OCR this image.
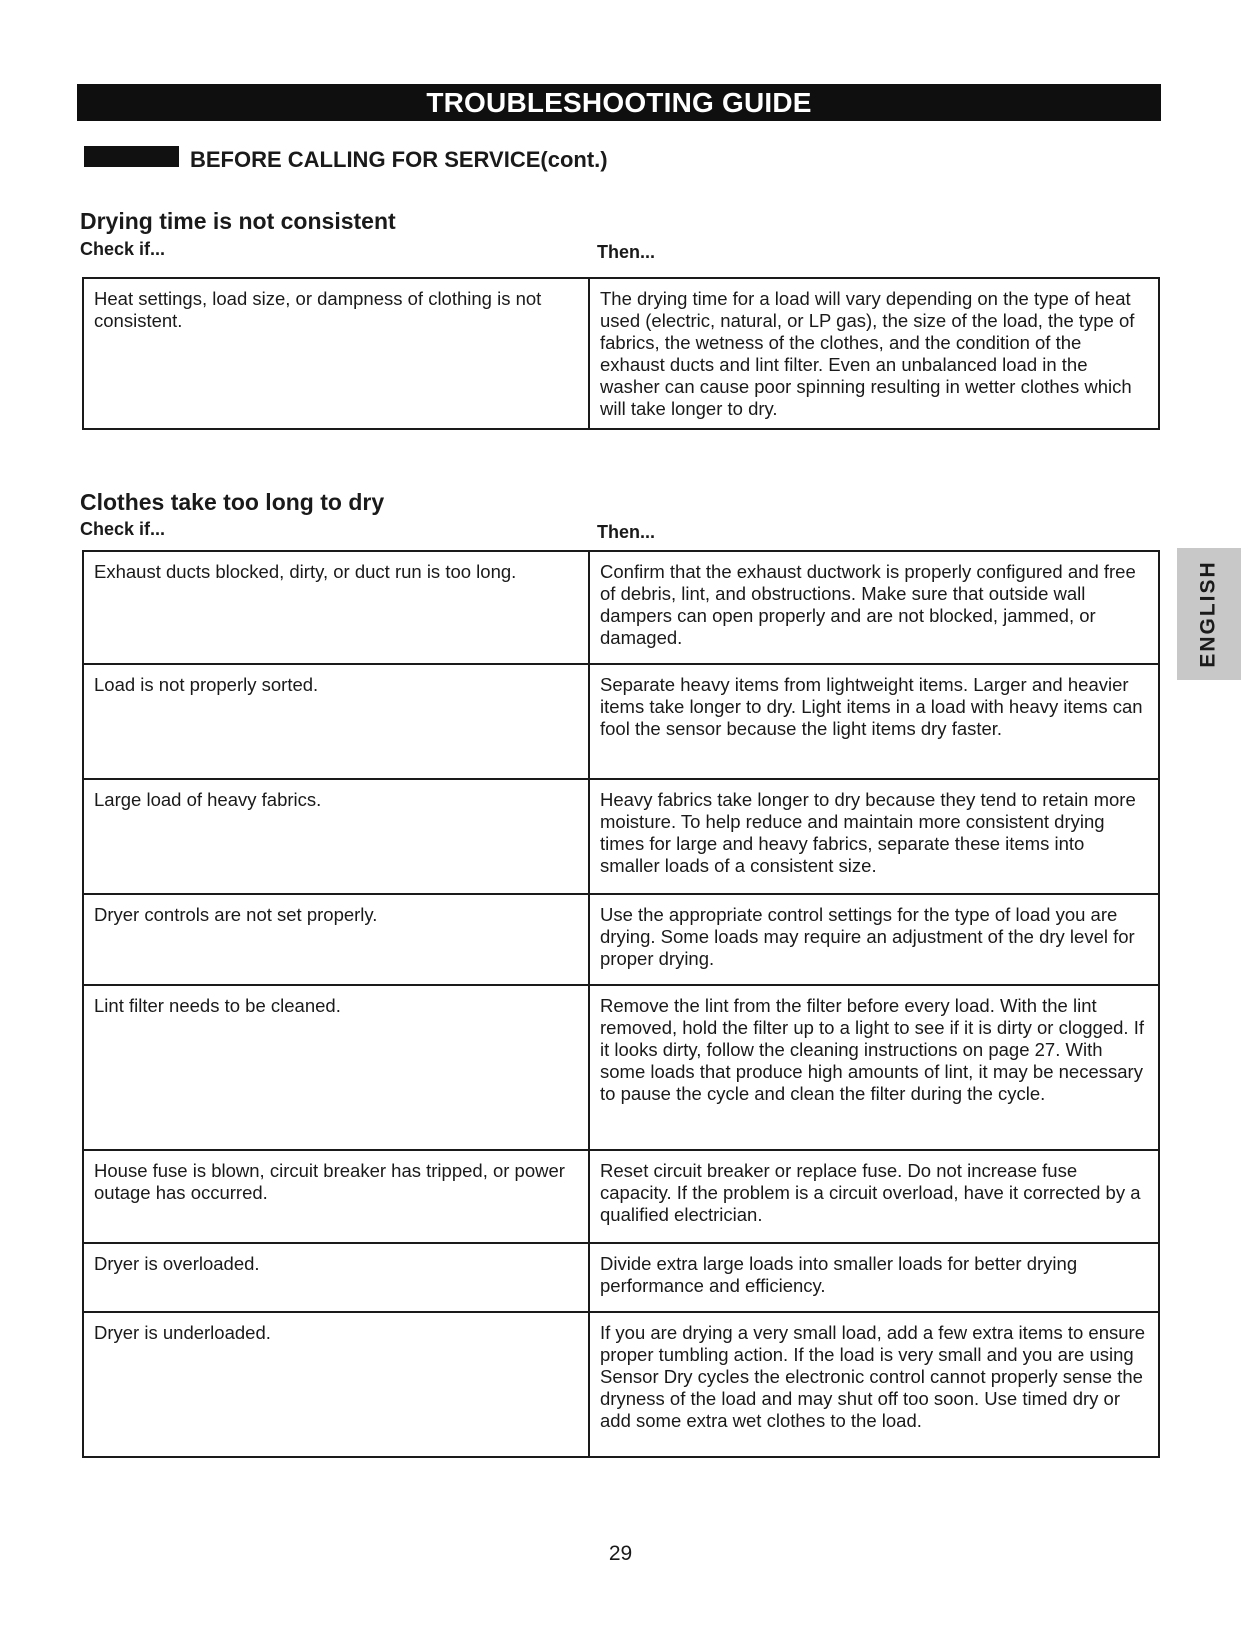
TROUBLESHOOTING GUIDE
BEFORE CALLING FOR SERVICE(cont.)
Drying time is not consistent
Check if...	Then...
Heat settings, load size, or dampness of clothing is not consistent.	The drying time for a load will vary depending on the type of heat used (electric, natural, or LP gas), the size of the load, the type of fabrics, the wetness of the clothes, and the condition of the exhaust ducts and lint filter. Even an unbalanced load in the washer can cause poor spinning resulting in wetter clothes which will take longer to dry.
Clothes take too long to dry
Check if...	Then...
Exhaust ducts blocked, dirty, or duct run is too long.	Confirm that the exhaust ductwork is properly configured and free of debris, lint, and obstructions. Make sure that outside wall dampers can open properly and are not blocked, jammed, or damaged.
Load is not properly sorted.	Separate heavy items from lightweight items. Larger and heavier items take longer to dry. Light items in a load with heavy items can fool the sensor because the light items dry faster.
Large load of heavy fabrics.	Heavy fabrics take longer to dry because they tend to retain more moisture. To help reduce and maintain more consistent drying times for large and heavy fabrics, separate these items into smaller loads of a consistent size.
Dryer controls are not set properly.	Use the appropriate control settings for the type of load you are drying. Some loads may require an adjustment of the dry level for proper drying.
Lint filter needs to be cleaned.	Remove the lint from the filter before every load. With the lint removed, hold the filter up to a light to see if it is dirty or clogged. If it looks dirty, follow the cleaning instructions on page 27. With some loads that produce high amounts of lint, it may be necessary to pause the cycle and clean the filter during the cycle.
House fuse is blown, circuit breaker has tripped, or power outage has occurred.	Reset circuit breaker or replace fuse. Do not increase fuse capacity. If the problem is a circuit overload, have it corrected by a qualified electrician.
Dryer is overloaded.	Divide extra large loads into smaller loads for better drying performance and efficiency.
Dryer is underloaded.	If you are drying a very small load, add a few extra items to ensure proper tumbling action. If the load is very small and you are using Sensor Dry cycles the electronic control cannot properly sense the dryness of the load and may shut off too soon. Use timed dry or add some extra wet clothes to the load.
ENGLISH
29
